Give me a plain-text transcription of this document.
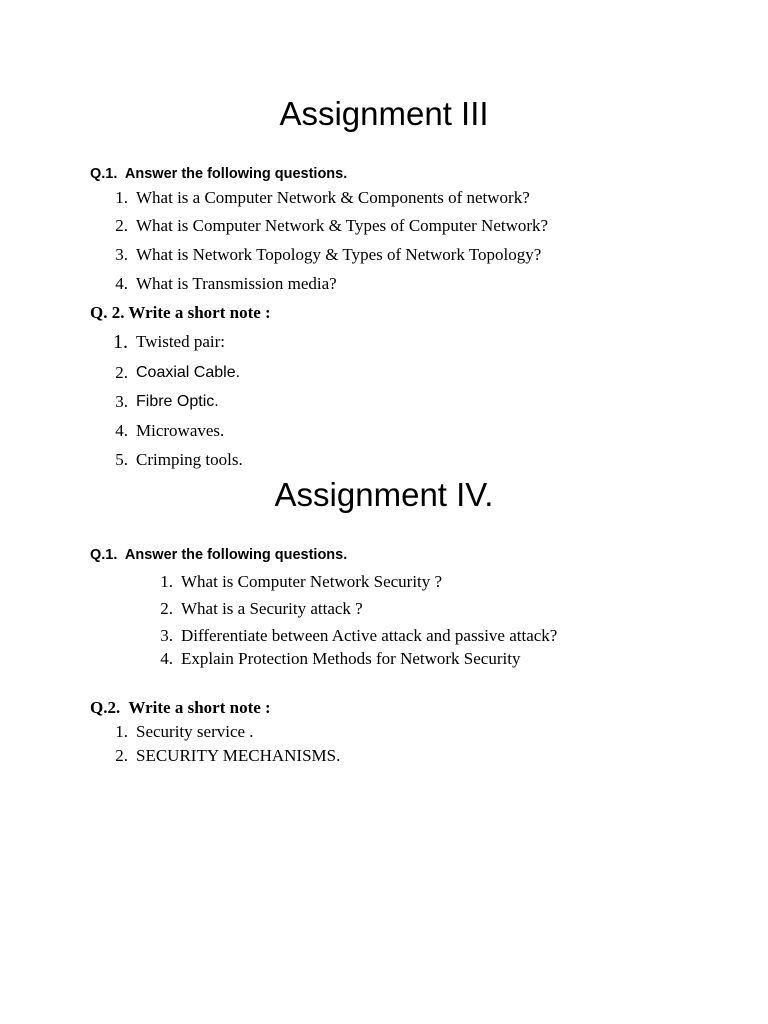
Assignment III

Q.1.  Answer the following questions.

1. What is a Computer Network & Components of network?
2. What is Computer Network & Types of Computer Network?
3. What is Network Topology & Types of Network Topology?
4. What is Transmission media?

Q. 2. Write a short note :

1. Twisted pair:
2. Coaxial Cable.
3. Fibre Optic.
4. Microwaves.
5. Crimping tools.
Assignment IV.

Q.1.  Answer the following questions.

1. What is Computer Network Security ?
2. What is a Security attack ?
3. Differentiate between Active attack and passive attack?
4. Explain Protection Methods for Network Security

Q.2.  Write a short note :

1. Security service .
2. SECURITY MECHANISMS.
